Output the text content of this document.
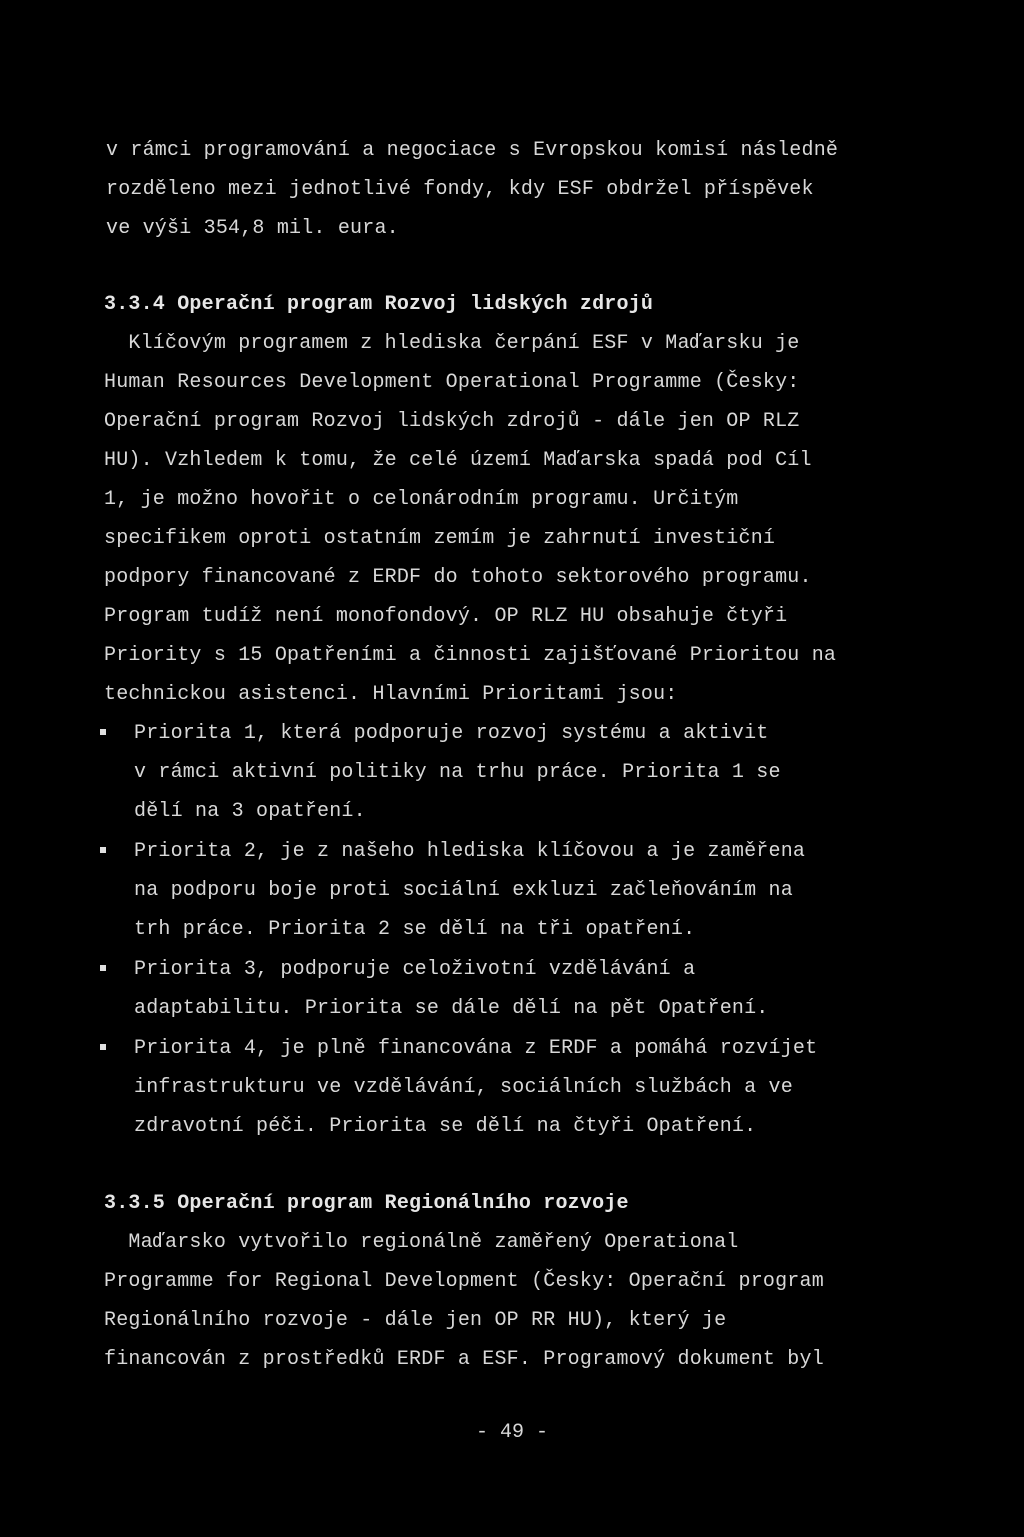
v rámci programování a negociace s Evropskou komisí následně
rozděleno mezi jednotlivé fondy, kdy ESF obdržel příspěvek
ve výši 354,8 mil. eura.
3.3.4 Operační program Rozvoj lidských zdrojů
Klíčovým programem z hlediska čerpání ESF v Maďarsku je
Human Resources Development Operational Programme (Česky:
Operační program Rozvoj lidských zdrojů - dále jen OP RLZ
HU). Vzhledem k tomu, že celé území Maďarska spadá pod Cíl
1, je možno hovořit o celonárodním programu. Určitým
specifikem oproti ostatním zemím je zahrnutí investiční
podpory financované z ERDF do tohoto sektorového programu.
Program tudíž není monofondový. OP RLZ HU obsahuje čtyři
Priority s 15 Opatřeními a činnosti zajišťované Prioritou na
technickou asistenci. Hlavními Prioritami jsou:
Priorita 1, která podporuje rozvoj systému a aktivit
v rámci aktivní politiky na trhu práce. Priorita 1 se
dělí na 3 opatření.
Priorita 2, je z našeho hlediska klíčovou a je zaměřena
na podporu boje proti sociální exkluzi začleňováním na
trh práce. Priorita 2 se dělí na tři opatření.
Priorita 3, podporuje celoživotní vzdělávání a
adaptabilitu. Priorita se dále dělí na pět Opatření.
Priorita 4, je plně financována z ERDF a pomáhá rozvíjet
infrastrukturu ve vzdělávání, sociálních službách a ve
zdravotní péči. Priorita se dělí na čtyři Opatření.
3.3.5 Operační program Regionálního rozvoje
Maďarsko vytvořilo regionálně zaměřený Operational
Programme for Regional Development (Česky: Operační program
Regionálního rozvoje - dále jen OP RR HU), který je
financován z prostředků ERDF a ESF. Programový dokument byl
- 49 -
